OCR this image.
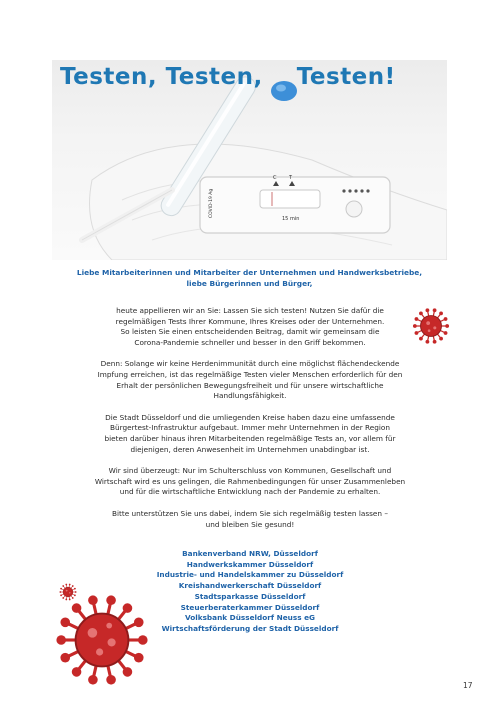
COVID-19 Ag
C	T
15 min
Testen, Testen, Testen!

Liebe Mitarbeiterinnen und Mitarbeiter der Unternehmen und Handwerksbetriebe,
liebe Bürgerinnen und Bürger,

heute appellieren wir an Sie: Lassen Sie sich testen! Nutzen Sie dafür die
regelmäßigen Tests Ihrer Kommune, Ihres Kreises oder der Unternehmen.
So leisten Sie einen entscheidenden Beitrag, damit wir gemeinsam die
Corona-Pandemie schneller und besser in den Griff bekommen.

Denn: Solange wir keine Herdenimmunität durch eine möglichst flächendeckende
Impfung erreichen, ist das regelmäßige Testen vieler Menschen erforderlich für den
Erhalt der persönlichen Bewegungsfreiheit und für unsere wirtschaftliche
Handlungsfähigkeit.

Die Stadt Düsseldorf und die umliegenden Kreise haben dazu eine umfassende
Bürgertest-Infrastruktur aufgebaut. Immer mehr Unternehmen in der Region
bieten darüber hinaus ihren Mitarbeitenden regelmäßige Tests an, vor allem für
diejenigen, deren Anwesenheit im Unternehmen unabdingbar ist.

Wir sind überzeugt: Nur im Schulterschluss von Kommunen, Gesellschaft und
Wirtschaft wird es uns gelingen, die Rahmenbedingungen für unser Zusammenleben
und für die wirtschaftliche Entwicklung nach der Pandemie zu erhalten.

Bitte unterstützen Sie uns dabei, indem Sie sich regelmäßig testen lassen –
und bleiben Sie gesund!

Bankenverband NRW, Düsseldorf
Handwerkskammer Düsseldorf
Industrie- und Handelskammer zu Düsseldorf
Kreishandwerkerschaft Düsseldorf
Stadtsparkasse Düsseldorf
Steuerberaterkammer Düsseldorf
Volksbank Düsseldorf Neuss eG
Wirtschaftsförderung der Stadt Düsseldorf

17
